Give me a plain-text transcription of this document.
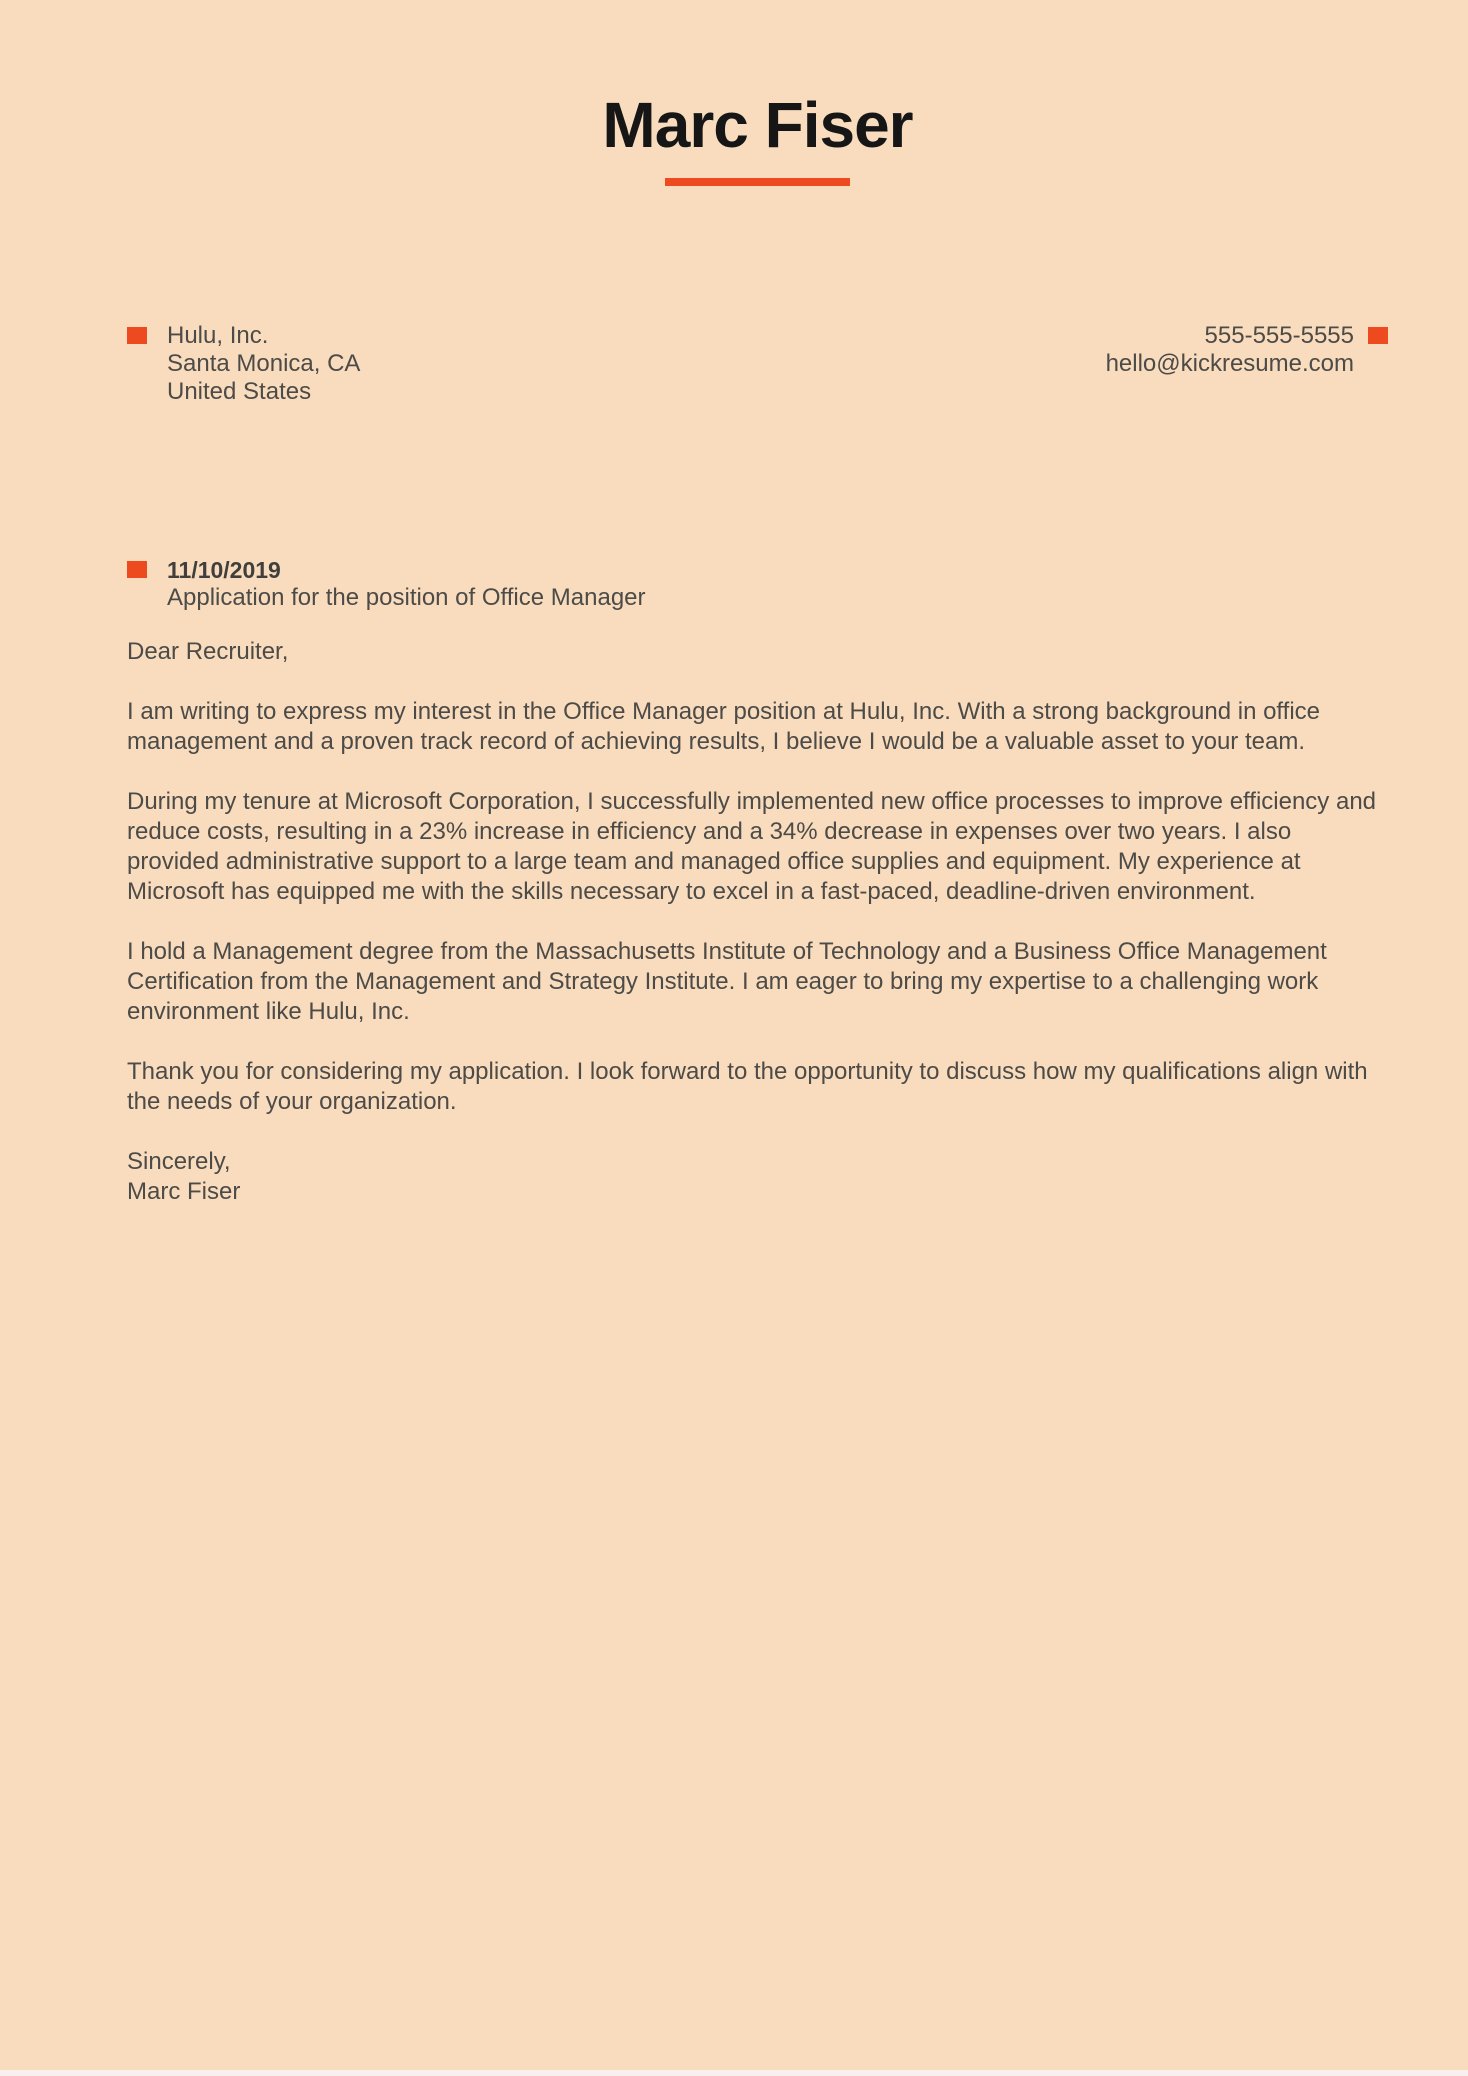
Marc Fiser
Hulu, Inc.
Santa Monica, CA
United States
555-555-5555
hello@kickresume.com
11/10/2019
Application for the position of Office Manager

Dear Recruiter,

I am writing to express my interest in the Office Manager position at Hulu, Inc. With a strong background in office management and a proven track record of achieving results, I believe I would be a valuable asset to your team.

During my tenure at Microsoft Corporation, I successfully implemented new office processes to improve efficiency and reduce costs, resulting in a 23% increase in efficiency and a 34% decrease in expenses over two years. I also provided administrative support to a large team and managed office supplies and equipment. My experience at Microsoft has equipped me with the skills necessary to excel in a fast-paced, deadline-driven environment.

I hold a Management degree from the Massachusetts Institute of Technology and a Business Office Management Certification from the Management and Strategy Institute. I am eager to bring my expertise to a challenging work environment like Hulu, Inc.

Thank you for considering my application. I look forward to the opportunity to discuss how my qualifications align with the needs of your organization.

Sincerely,

Marc Fiser
